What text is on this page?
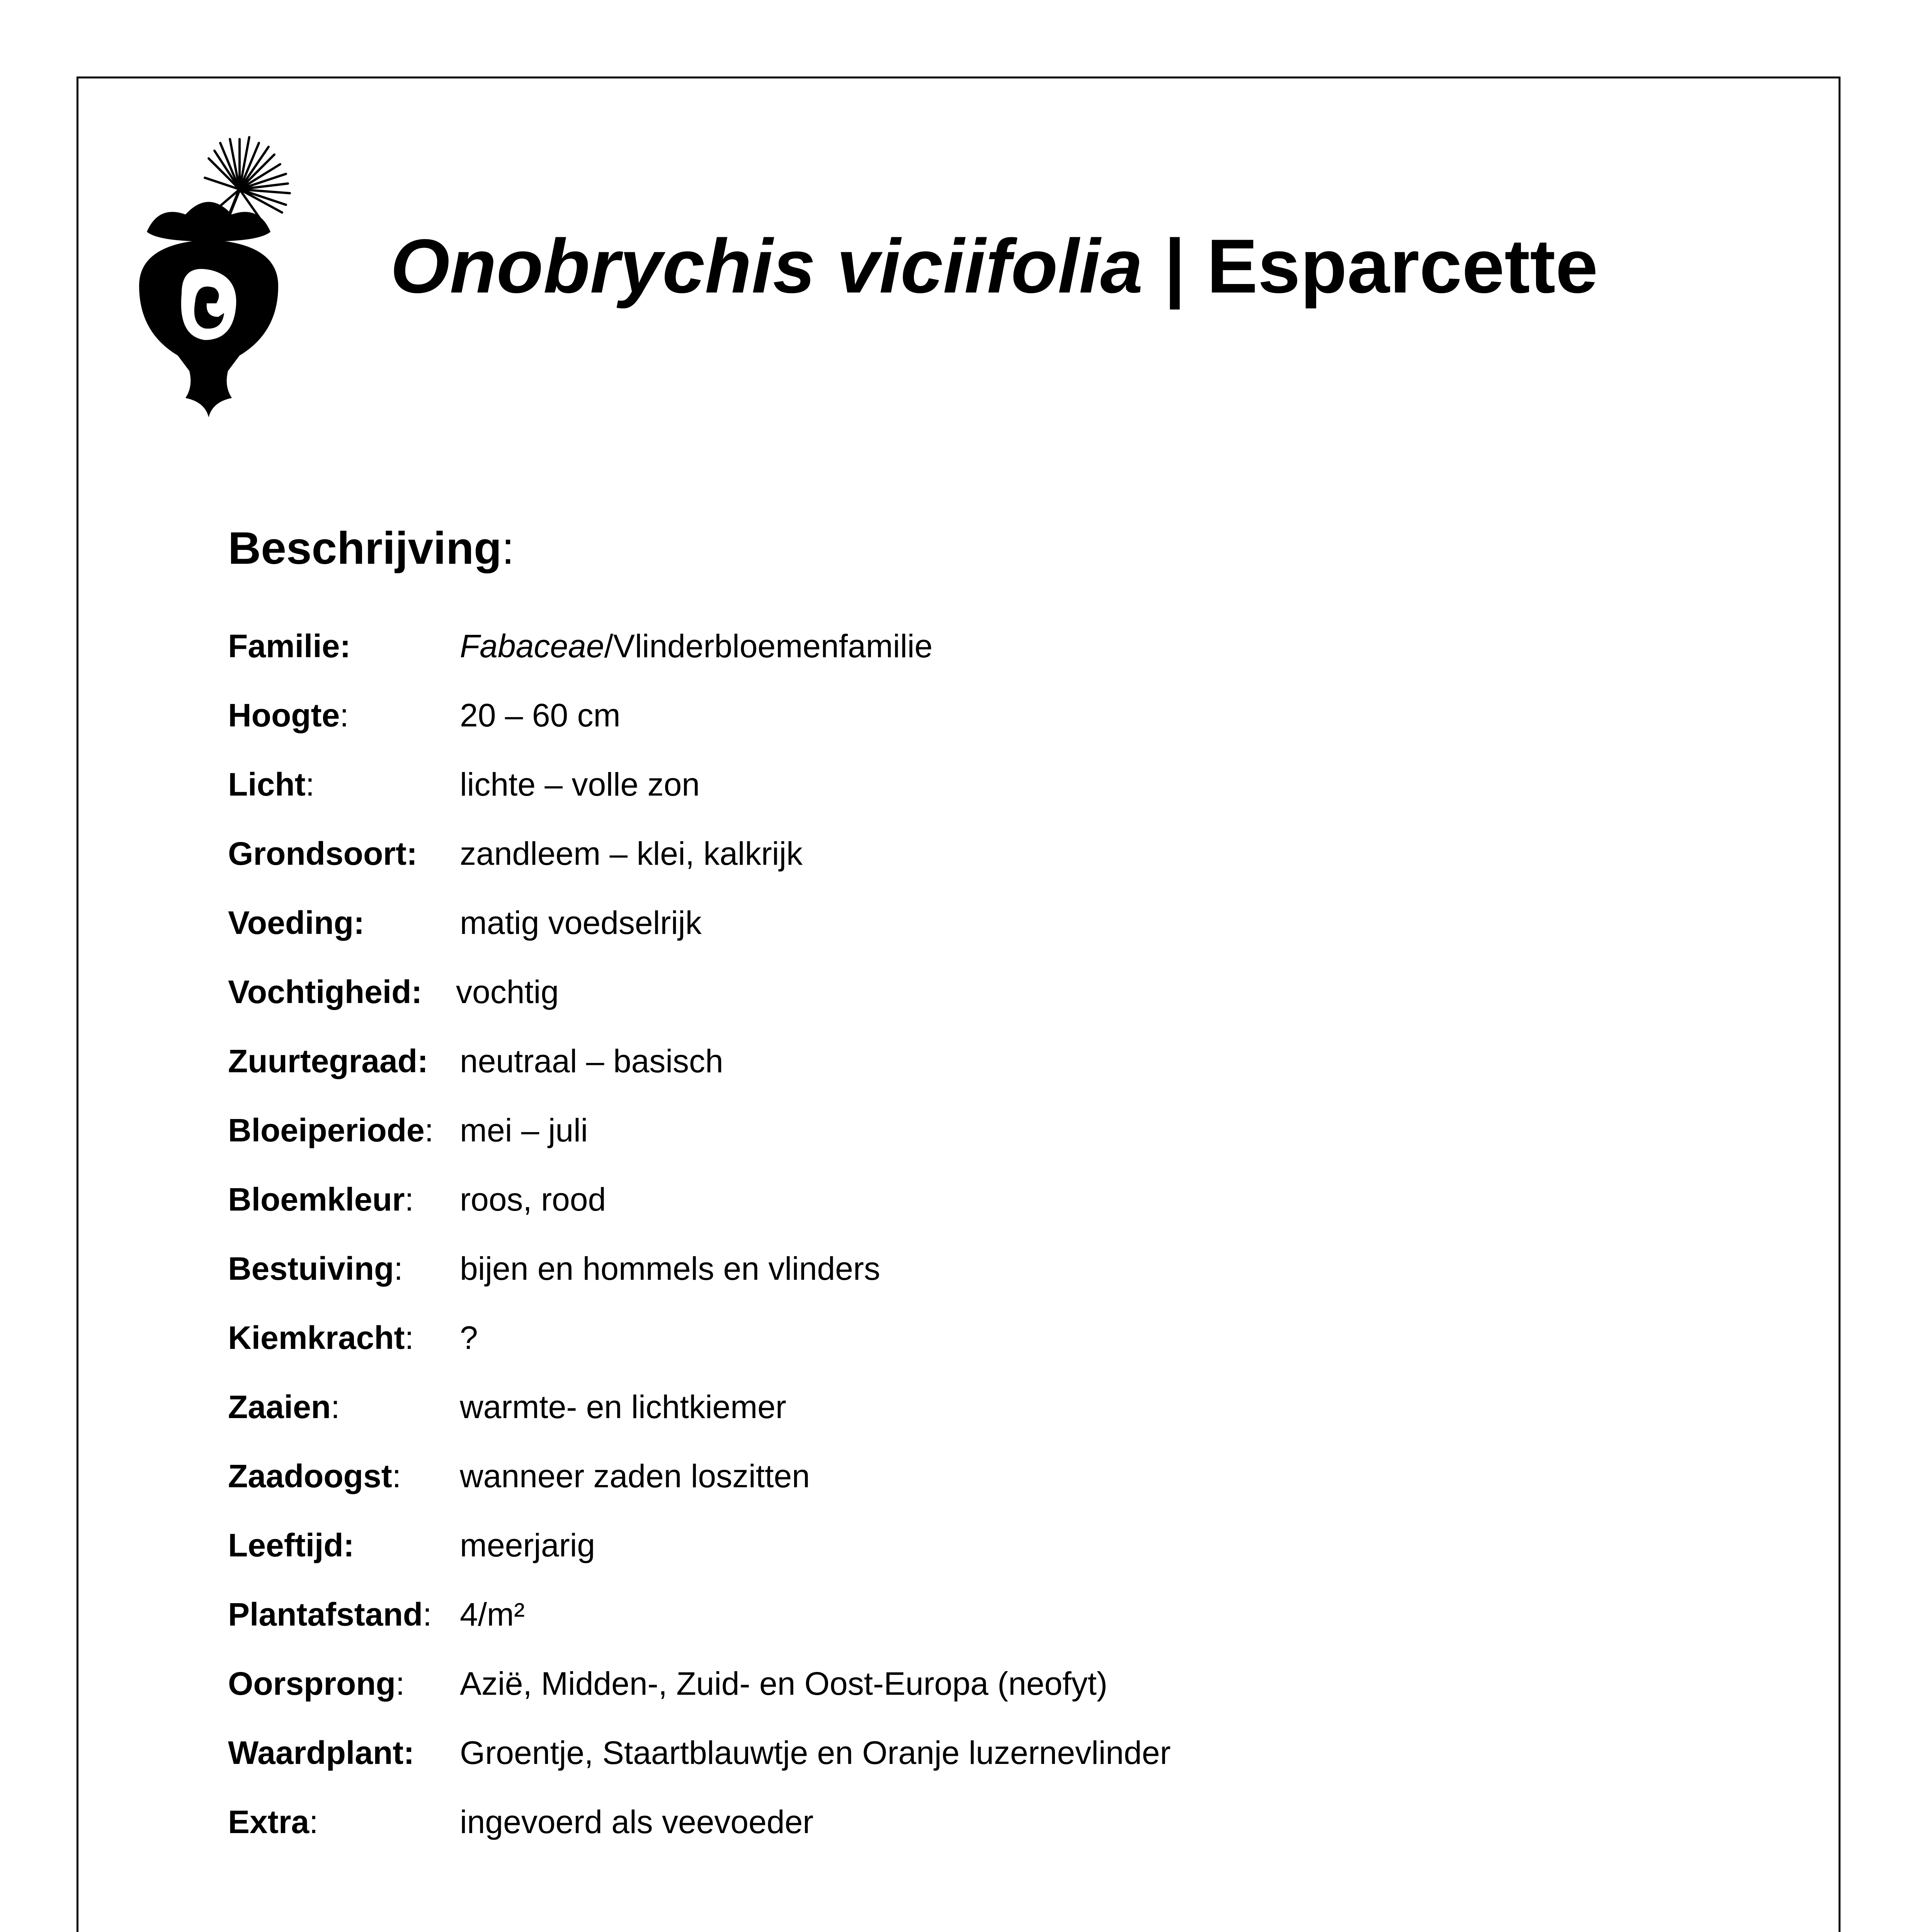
Onobrychis viciifolia | Esparcette
Beschrijving:
Familie:	Fabaceae/Vlinderbloemenfamilie
Hoogte:	20 – 60 cm
Licht:	lichte – volle zon
Grondsoort: zandleem – klei, kalkrijk
Voeding:	matig voedselrijk
Vochtigheid: vochtig
Zuurtegraad: neutraal – basisch
Bloeiperiode: mei – juli
Bloemkleur: roos, rood
Bestuiving: bijen en hommels en vlinders
Kiemkracht: ?
Zaaien:	warmte- en lichtkiemer
Zaadoogst: wanneer zaden loszitten
Leeftijd:	meerjarig
Plantafstand: 4/m²
Oorsprong: Azië, Midden-, Zuid- en Oost-Europa (neofyt)
Waardplant: Groentje, Staartblauwtje en Oranje luzernevlinder
Extra:	ingevoerd als veevoeder
